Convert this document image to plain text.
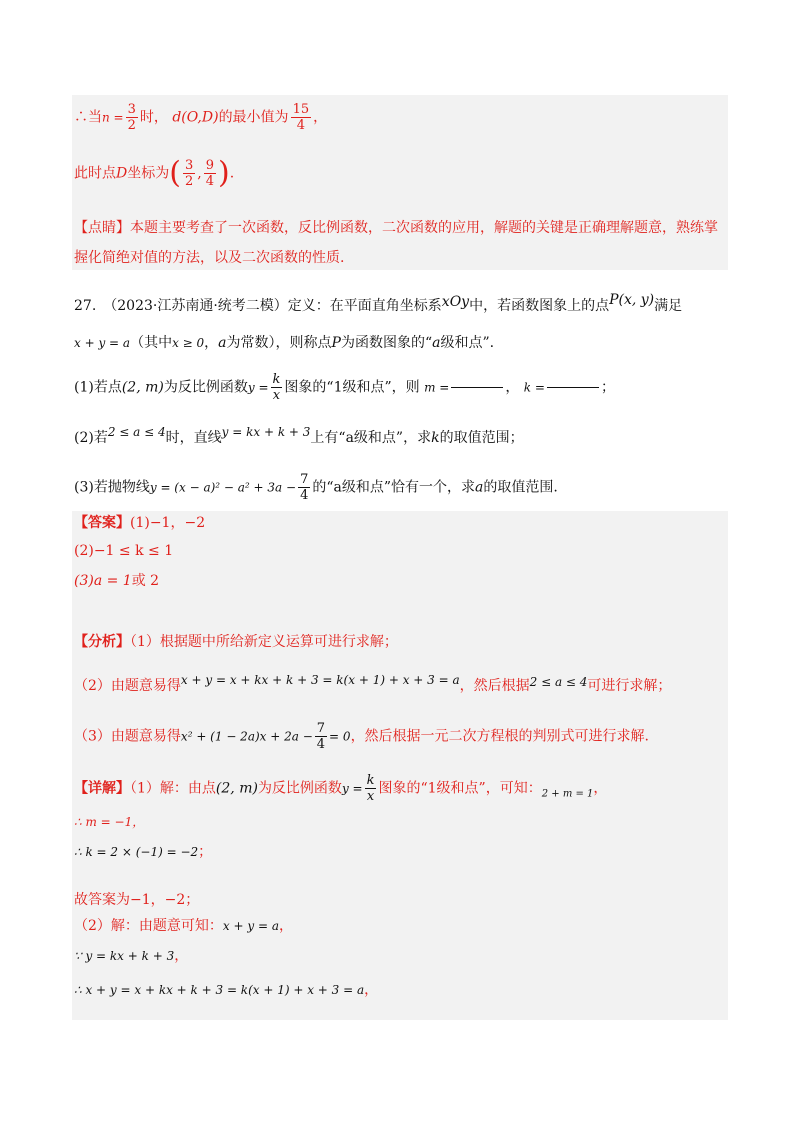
∴当$n = \frac{3}{2}$ 时， d(O,D)的最小值为 $\frac{15}{4}$ ，
此时点D坐标为( $\frac{3}{2}$ , $\frac{9}{4}$ ).
【点睛】本题主要考查了一次函数，反比例函数，二次函数的应用，解题的关键是正确理解题意，熟练掌
握化简绝对值的方法，以及二次函数的性质.
27.　（2023·江苏南通·统考二模）定义：在平面直角坐标系xOy中，若函数图象上的点P(x, y)满足
x + y = a（其中x ≥ 0，a为常数），则称点P为函数图象的“a级和点”.
(1)若点(2, m)为反比例函数$y = \frac{k}{x}$ 图象的“1级和点”，则 m =	， k =	；
(2)若2 ≤ a ≤ 4时，直线y = kx + k + 3上有“a级和点”，求k的取值范围；
(3)若抛物线$y = (x - a)^2 - a^2 + 3a - \frac{7}{4}$ 的“a级和点”恰有一个，求a的取值范围.
【答案】(1)−1，−2
(2)−1 ≤ k ≤ 1
(3)a = 1或 2
【分析】（1）根据题中所给新定义运算可进行求解；
（2）由题意易得x + y = x + kx + k + 3 = k(x + 1) + x + 3 = a，然后根据2 ≤ a ≤ 4可进行求解；
（3）由题意易得$x^2 + (1 - 2a)x + 2a - \frac{7}{4} = 0$，然后根据一元二次方程根的判别式可进行求解.
【详解】（1）解：由点(2, m)为反比例函数$y = \frac{k}{x}$ 图象的“1级和点”，可知：$_{2 + m = 1}$，
∴ m = −1，
∴ k = 2 × (−1) = −2；
故答案为−1，−2；
（2）解：由题意可知：x + y = a，
∵ y = kx + k + 3，
∴ x + y = x + kx + k + 3 = k(x + 1) + x + 3 = a，
